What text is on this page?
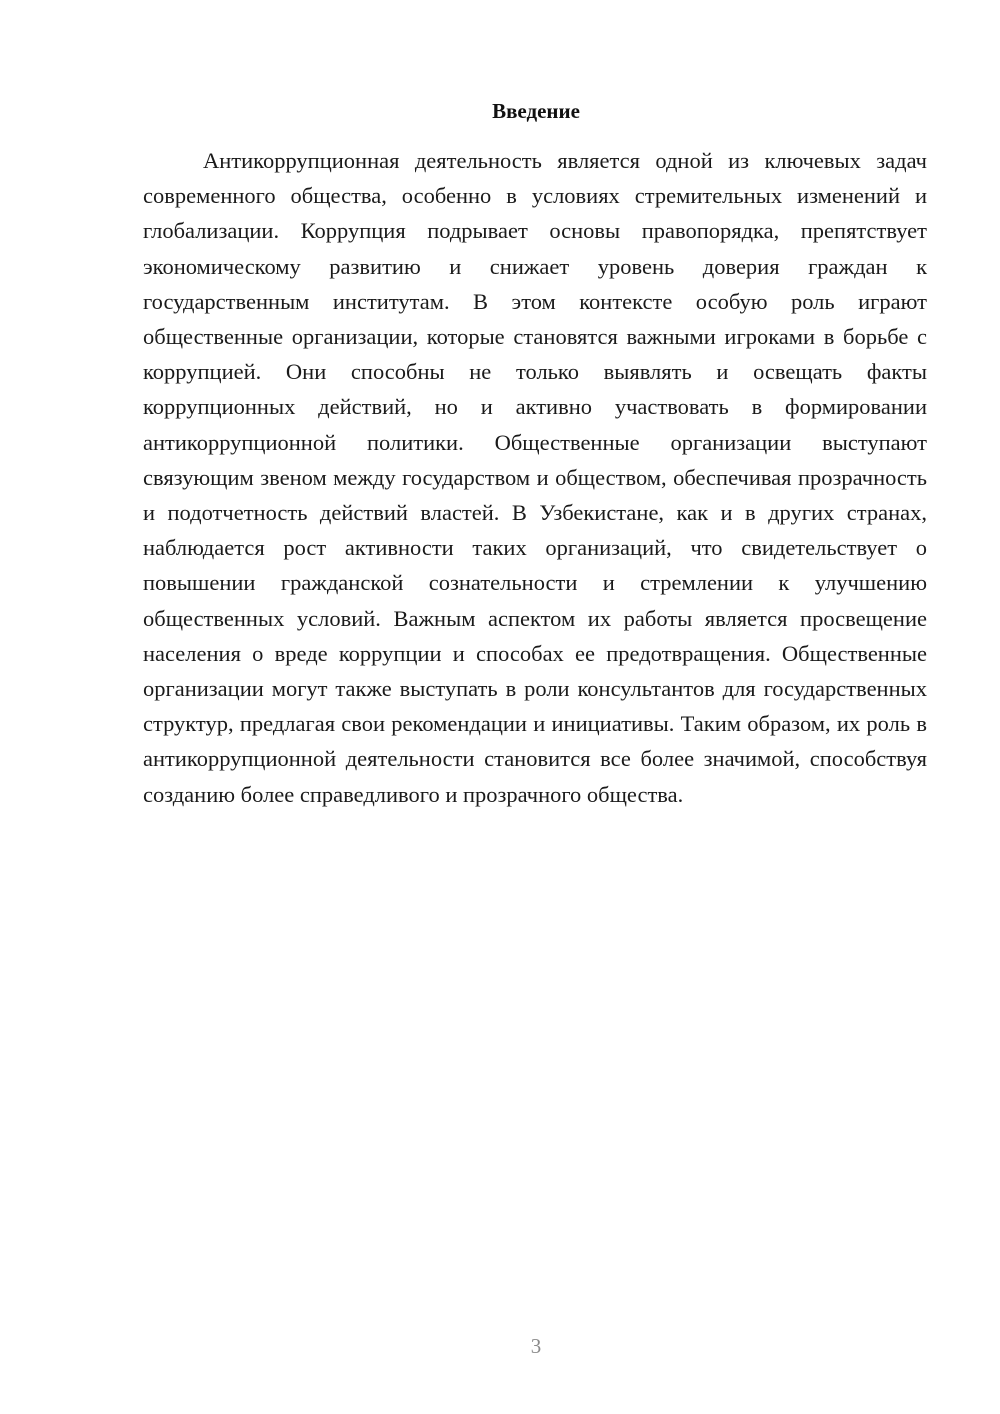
Введение

Антикоррупционная деятельность является одной из ключевых задач современного общества, особенно в условиях стремительных изменений и глобализации. Коррупция подрывает основы правопорядка, препятствует экономическому развитию и снижает уровень доверия граждан к государственным институтам. В этом контексте особую роль играют общественные организации, которые становятся важными игроками в борьбе с коррупцией. Они способны не только выявлять и освещать факты коррупционных действий, но и активно участвовать в формировании антикоррупционной политики. Общественные организации выступают связующим звеном между государством и обществом, обеспечивая прозрачность и подотчетность действий властей. В Узбекистане, как и в других странах, наблюдается рост активности таких организаций, что свидетельствует о повышении гражданской сознательности и стремлении к улучшению общественных условий. Важным аспектом их работы является просвещение населения о вреде коррупции и способах ее предотвращения. Общественные организации могут также выступать в роли консультантов для государственных структур, предлагая свои рекомендации и инициативы. Таким образом, их роль в антикоррупционной деятельности становится все более значимой, способствуя созданию более справедливого и прозрачного общества.

3
